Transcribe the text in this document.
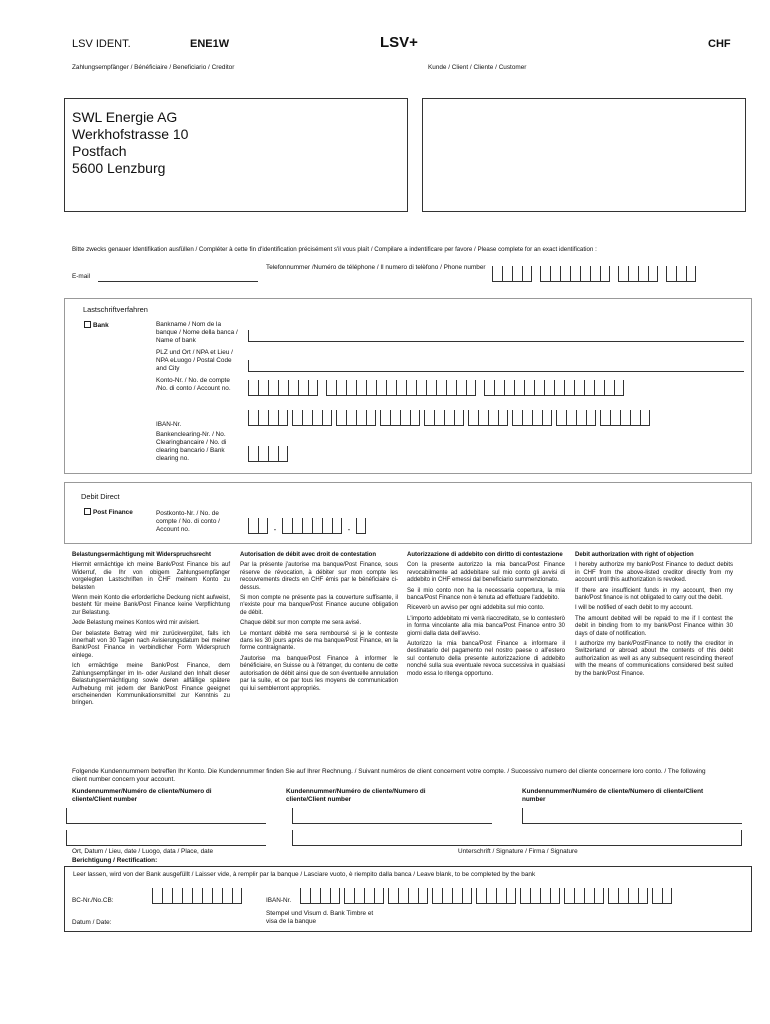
LSV IDENT.	ENE1W	LSV+	CHF
Zahlungsempfänger / Bénéficiaire / Beneficiario / Creditor	Kunde / Client / Cliente / Customer
SWL Energie AG
Werkhofstrasse 10
Postfach
5600 Lenzburg
Bitte zwecks genauer Identifikation ausfüllen / Compléter à cette fin d'identification précisément s'il vous plaît / Compilare a indentificare per favore / Please complete for an exact identification :
E-mail
Telefonnummer /Numéro de téléphone / Il numero di telèfono / Phone number
Lastschriftverfahren
Bank	Bankname / Nom de la banque / Nome della banca / Name of bank
PLZ und Ort / NPA et Lieu / NPA eLuogo / Postal Code and City
Konto-Nr. / No. de compte /No. di conto / Account no.
IBAN-Nr.
Bankenclearing-Nr. / No. Clearingbancaire / No. di clearing bancario / Bank clearing no.
Debit Direct
Post Finance	Postkonto-Nr. / No. de compte / No. di conto / Account no.	-	-
Belastungsermächtigung mit Widerspruchsrecht
Hiermit ermächtige ich meine Bank/Post Finance bis auf Widerruf, die Ihr von obigem Zahlungsempfänger vorgelegten Lastschriften in CHF meinem Konto zu belasten
Wenn mein Konto die erforderliche Deckung nicht aufweist, besteht für meine Bank/Post Finance keine Verpflichtung zur Belastung.
Jede Belastung meines Kontos wird mir avisiert.
Der belastete Betrag wird mir zurückvergütet, falls ich innerhalt von 30 Tagen nach Avisierungsdatum bei meiner Bank/Post Finance in verbindlicher Form Widerspruch einlege.
Ich ermächtige meine Bank/Post Finance, dem Zahlungsempfänger im In- oder Ausland den Inhalt dieser Belastungsermächtigung sowie deren allfällige spätere Aufhebung mit jedem der Bank/Post Finance geeignet erscheinenden Kommunikationsmittel zur Kenntnis zu bringen.
Autorisation de débit avec droit de contestation
Par la présente j'autorise ma banque/Post Finance, sous réserve de révocation, à débiter sur mon compte les recouvrements directs en CHF émis par le bénéficiaire ci-dessus.
Si mon compte ne présente pas la couverture suffisante, il n'existe pour ma banque/Post Finance aucune obligation de débit.
Chaque débit sur mon compte me sera avisé.
Le montant débité me sera remboursé si je le conteste dans les 30 jours après de ma banque/Post Finance, en la forme contraignante.
J'autorise ma banque/Post Finance à informer le bénéficiaire, en Suisse ou à l'étranger, du contenu de cette autorisation de débit ainsi que de son éventuelle annulation par la suite, et ce par tous les moyens de communication qui lui semblerront appropriés.
Autorizzazione di addebito con diritto di contestazione
Con la presente autorizzo la mia banca/Post Finance revocabilmente ad addebitare sul mio conto gli avvisi di addebito in CHF emessi dal beneficiario summenzionato.
Se il mio conto non ha la necessaria copertura, la mia banca/Post Finance non è tenuta ad effettuare l'addebito.
Riceverò un avviso per ogni addebita sul mio conto.
L'importo addebitato mi verrà riaccreditato, se lo contesterò in forma vincolante alla mia banca/Post Finance entro 30 giorni dalla data dell'avviso.
Autorizzo la mia banca/Post Finance a informare il destinatario del pagamento nel nostro paese o all'estero sul contenuto della presente autorizzazione di addebito nonché sulla sua eventuale revoca successiva in qualsiasi modo essa lo ritenga opportuno.
Debit authorization with right of objection
I hereby authorize my bank/Post Finance to deduct debits in CHF from the above-listed creditor directly from my account until this authorization is revoked.
If there are insufficient funds in my account, then my bank/Post finance is not obligated to carry out the debit.
I will be notified of each debit to my account.
The amount debited will be repaid to me if I contest the debit in binding from to my bank/Post Finance within 30 days of date of notification.
I authorize my bank/PostFinance to notify the creditor in Switzerland or abroad about the contents of this debit authorization as well as any subsequent rescinding thereof with the means of communications considered best suited by the bank/Post Finance.
Folgende Kundennummern betreffen Ihr Konto. Die Kundennummer finden Sie auf Ihrer Rechnung. / Suivant numéros de client concernent votre compte. / Successivo numero del cliente concernere loro conto. / The following client number concern your account.
Kundennummer/Numéro de cliente/Numero di cliente/Client number
Kundennummer/Numéro de cliente/Numero di cliente/Client number
Kundennummer/Numéro de cliente/Numero di cliente/Client number
Ort, Datum / Lieu, date / Luogo, data / Place, date	Unterschrift / Signature / Firma / Signature
Berichtigung / Rectification:
Leer lassen, wird von der Bank ausgefüllt / Laisser vide, à remplir par la banque / Lasciare vuoto, è riempito dalla banca / Leave blank, to be completed by the bank
BC-Nr./No.CB:	IBAN-Nr.
Datum / Date:
Stempel und Visum d. Bank Timbre et visa de la banque
